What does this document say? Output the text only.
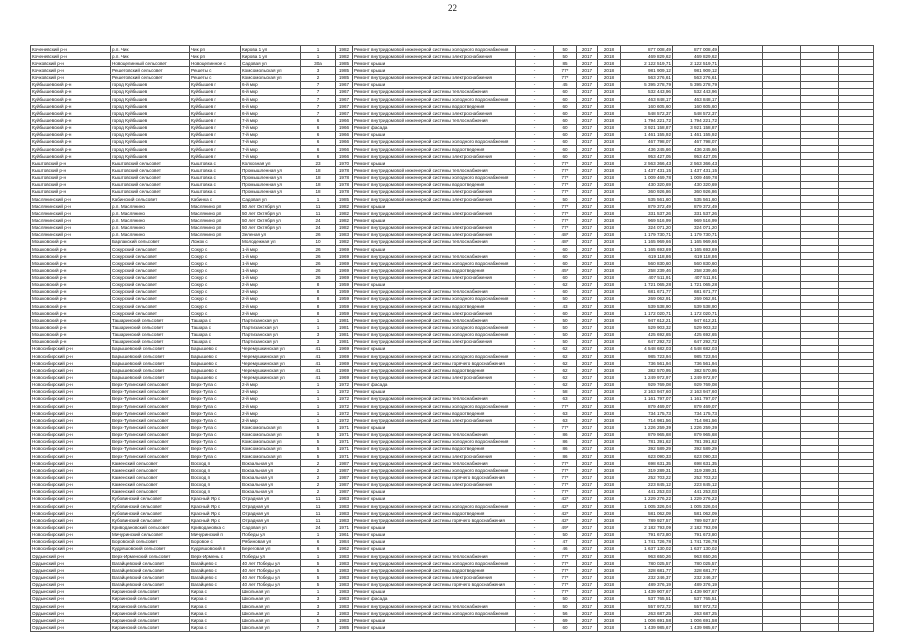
22
Коченевский р-н	р.п. Чик	Чик рп	Кирова 1 ул	1	1982	Ремонт внутридомовой инженерной системы холодного водоснабжения	-	50	2017	2018	877 008,49	877 008,49				
Коченевский р-н	р.п. Чик	Чик рп	Кирова 1 ул	1	1982	Ремонт внутридомовой инженерной системы электроснабжения	-	50	2017	2018	469 829,62	469 829,62				
Кочковский р-н	Новоцелинный сельсовет	Новоцелинное с	Садовая ул	30а	1985	Ремонт крыши	-	85	2017	2018	2 122 519,71	2 122 519,71				
Кочковский р-н	Решетовский сельсовет	Решеты с	Комсомольская ул	3	1985	Ремонт крыши	-	77*	2017	2018	981 909,12	981 909,12				
Кочковский р-н	Решетовский сельсовет	Решеты с	Комсомольская ул	2	1985	Ремонт внутридомовой инженерной системы электроснабжения	-	77*	2017	2018	563 276,61	563 276,61				
Куйбышевский р-н	город Куйбышев	Куйбышев г	6-й мкр	7	1967	Ремонт крыши	-	45	2017	2018	5 395 278,79	5 395 278,79				
Куйбышевский р-н	город Куйбышев	Куйбышев г	6-й мкр	7	1967	Ремонт внутридомовой инженерной системы теплоснабжения	-	60	2017	2018	532 443,96	532 443,96				
Куйбышевский р-н	город Куйбышев	Куйбышев г	6-й мкр	7	1967	Ремонт внутридомовой инженерной системы холодного водоснабжения	-	60	2017	2018	463 848,17	463 848,17				
Куйбышевский р-н	город Куйбышев	Куйбышев г	6-й мкр	7	1967	Ремонт внутридомовой инженерной системы водоотведения	-	60	2017	2018	160 605,60	160 605,60				
Куйбышевский р-н	город Куйбышев	Куйбышев г	6-й мкр	7	1967	Ремонт внутридомовой инженерной системы электроснабжения	-	60	2017	2018	548 572,37	548 572,37				
Куйбышевский р-н	город Куйбышев	Куйбышев г	7-й мкр	6	1966	Ремонт внутридомовой инженерной системы теплоснабжения	-	60	2017	2018	1 794 221,72	1 794 221,72				
Куйбышевский р-н	город Куйбышев	Куйбышев г	7-й мкр	6	1966	Ремонт фасада	-	60	2017	2018	3 921 158,87	3 921 158,87				
Куйбышевский р-н	город Куйбышев	Куйбышев г	7-й мкр	6	1966	Ремонт крыши	-	60	2017	2018	1 461 155,92	1 461 155,92				
Куйбышевский р-н	город Куйбышев	Куйбышев г	7-й мкр	6	1966	Ремонт внутридомовой инженерной системы холодного водоснабжения	-	60	2017	2018	467 798,07	467 798,07				
Куйбышевский р-н	город Куйбышев	Куйбышев г	7-й мкр	6	1966	Ремонт внутридомовой инженерной системы водоотведения	-	60	2017	2018	436 245,66	436 245,66				
Куйбышевский р-н	город Куйбышев	Куйбышев г	7-й мкр	6	1966	Ремонт внутридомовой инженерной системы электроснабжения	-	60	2017	2018	953 427,05	953 427,05				
Кыштовский р-н	Кыштовский сельсовет	Кыштовка с	Колхозная ул	23	1970	Ремонт крыши	-	77*	2017	2018	2 563 366,43	2 563 366,43				
Кыштовский р-н	Кыштовский сельсовет	Кыштовка с	Промышленная ул	18	1978	Ремонт внутридомовой инженерной системы теплоснабжения	-	77*	2017	2018	1 437 431,15	1 437 431,15				
Кыштовский р-н	Кыштовский сельсовет	Кыштовка с	Промышленная ул	18	1978	Ремонт внутридомовой инженерной системы холодного водоснабжения	-	77*	2017	2018	1 009 469,78	1 009 469,78				
Кыштовский р-н	Кыштовский сельсовет	Кыштовка с	Промышленная ул	18	1978	Ремонт внутридомовой инженерной системы водоотведения	-	77*	2017	2018	430 320,69	430 320,69				
Кыштовский р-н	Кыштовский сельсовет	Кыштовка с	Промышленная ул	18	1978	Ремонт внутридомовой инженерной системы электроснабжения	-	77*	2017	2018	360 926,86	360 926,86				
Маслянинский р-н	Кабинский сельсовет	Кабинка с	Садовая ул	1	1985	Ремонт внутридомовой инженерной системы электроснабжения	-	50	2017	2018	535 561,60	535 561,60				
Маслянинский р-н	р.п. Маслянино	Маслянино рп	50 лет Октября ул	11	1982	Ремонт крыши	-	77*	2017	2018	879 372,49	879 372,49				
Маслянинский р-н	р.п. Маслянино	Маслянино рп	50 лет Октября ул	11	1982	Ремонт внутридомовой инженерной системы электроснабжения	-	77*	2017	2018	331 537,26	331 537,26				
Маслянинский р-н	р.п. Маслянино	Маслянино рп	50 лет Октября ул	24	1982	Ремонт крыши	-	77*	2017	2018	969 516,99	969 516,99				
Маслянинский р-н	р.п. Маслянино	Маслянино рп	50 лет Октября ул	24	1982	Ремонт внутридомовой инженерной системы электроснабжения	-	77*	2017	2018	324 071,20	324 071,20				
Маслянинский р-н	р.п. Маслянино	Маслянино рп	Зеленая ул	26	1983	Ремонт внутридомовой инженерной системы электроснабжения	-	48*	2017	2018	1 179 730,71	1 179 730,71				
Мошковский р-н	Барлакский сельсовет	Ложок с	Молодежная ул	10	1982	Ремонт внутридомовой инженерной системы теплоснабжения	-	48*	2017	2018	1 165 969,66	1 165 969,66				
Мошковский р-н	Сокурский сельсовет	Сокур с	1-й мкр	26	1969	Ремонт крыши	-	60	2017	2018	1 165 693,69	1 165 693,69				
Мошковский р-н	Сокурский сельсовет	Сокур с	1-й мкр	26	1969	Ремонт внутридомовой инженерной системы теплоснабжения	-	60	2017	2018	619 118,86	619 118,86				
Мошковский р-н	Сокурский сельсовет	Сокур с	1-й мкр	26	1969	Ремонт внутридомовой инженерной системы холодного водоснабжения	-	60	2017	2018	560 830,60	560 830,60				
Мошковский р-н	Сокурский сельсовет	Сокур с	1-й мкр	26	1969	Ремонт внутридомовой инженерной системы водоотведения	-	45*	2017	2018	258 239,46	258 239,46				
Мошковский р-н	Сокурский сельсовет	Сокур с	1-й мкр	26	1969	Ремонт внутридомовой инженерной системы электроснабжения	-	60	2017	2018	407 511,91	407 511,91				
Мошковский р-н	Сокурский сельсовет	Сокур с	2-й мкр	8	1959	Ремонт крыши	-	62	2017	2018	1 721 065,28	1 721 065,28				
Мошковский р-н	Сокурский сельсовет	Сокур с	2-й мкр	8	1959	Ремонт внутридомовой инженерной системы теплоснабжения	-	60	2017	2018	681 671,77	681 671,77				
Мошковский р-н	Сокурский сельсовет	Сокур с	2-й мкр	8	1959	Ремонт внутридомовой инженерной системы холодного водоснабжения	-	50	2017	2018	269 062,91	269 062,91				
Мошковский р-н	Сокурский сельсовет	Сокур с	2-й мкр	8	1959	Ремонт внутридомовой инженерной системы водоотведения	-	43	2017	2018	539 538,90	539 538,90				
Мошковский р-н	Сокурский сельсовет	Сокур с	2-й мкр	8	1959	Ремонт внутридомовой инженерной системы электроснабжения	-	60	2017	2018	1 172 020,71	1 172 020,71				
Мошковский р-н	Ташаринский сельсовет	Ташара с	Партизанская ул	1	1981	Ремонт внутридомовой инженерной системы теплоснабжения	-	50	2017	2018	947 612,21	947 612,21				
Мошковский р-н	Ташаринский сельсовет	Ташара с	Партизанская ул	1	1981	Ремонт внутридомовой инженерной системы холодного водоснабжения	-	50	2017	2018	529 903,32	529 903,32				
Мошковский р-н	Ташаринский сельсовет	Ташара с	Партизанская ул	3	1981	Ремонт внутридомовой инженерной системы холодного водоснабжения	-	50	2017	2018	425 692,65	425 692,65				
Мошковский р-н	Ташаринский сельсовет	Ташара с	Партизанская ул	3	1981	Ремонт внутридомовой инженерной системы электроснабжения	-	50	2017	2018	647 292,72	647 292,72				
Новосибирский р-н	Барышевский сельсовет	Барышево с	Черемушкинская ул	41	1969	Ремонт крыши	-	62	2017	2018	4 548 682,03	4 548 682,03				
Новосибирский р-н	Барышевский сельсовет	Барышево с	Черемушкинская ул	41	1969	Ремонт внутридомовой инженерной системы холодного водоснабжения	-	62	2017	2018	985 723,94	985 723,94				
Новосибирский р-н	Барышевский сельсовет	Барышево с	Черемушкинская ул	41	1969	Ремонт внутридомовой инженерной системы горячего водоснабжения	-	62	2017	2018	736 561,94	736 561,94				
Новосибирский р-н	Барышевский сельсовет	Барышево с	Черемушкинская ул	41	1969	Ремонт внутридомовой инженерной системы водоотведения	-	62	2017	2018	382 570,95	382 570,95				
Новосибирский р-н	Барышевский сельсовет	Барышево с	Черемушкинская ул	41	1969	Ремонт внутридомовой инженерной системы электроснабжения	-	62	2017	2018	1 249 972,97	1 249 972,97				
Новосибирский р-н	Верх-Тулинский сельсовет	Верх-Тула с	2-й мкр	1	1972	Ремонт фасада	-	62	2017	2018	929 769,08	929 769,08				
Новосибирский р-н	Верх-Тулинский сельсовет	Верх-Тула с	2-й мкр	1	1972	Ремонт крыши	-	58	2017	2018	2 163 947,60	2 163 947,60				
Новосибирский р-н	Верх-Тулинский сельсовет	Верх-Тула с	2-й мкр	1	1972	Ремонт внутридомовой инженерной системы теплоснабжения	-	63	2017	2018	1 161 797,07	1 161 797,07				
Новосибирский р-н	Верх-Тулинский сельсовет	Верх-Тула с	2-й мкр	1	1972	Ремонт внутридомовой инженерной системы холодного водоснабжения	-	77*	2017	2018	879 469,07	879 469,07				
Новосибирский р-н	Верх-Тулинский сельсовет	Верх-Тула с	2-й мкр	1	1972	Ремонт внутридомовой инженерной системы водоотведения	-	63	2017	2018	734 175,73	734 175,73				
Новосибирский р-н	Верх-Тулинский сельсовет	Верх-Тула с	2-й мкр	1	1972	Ремонт внутридомовой инженерной системы электроснабжения	-	63	2017	2018	714 981,56	714 981,56				
Новосибирский р-н	Верх-Тулинский сельсовет	Верх-Тула с	Комсомольская ул	5	1971	Ремонт крыши	-	77*	2017	2018	1 226 259,39	1 226 259,39				
Новосибирский р-н	Верх-Тулинский сельсовет	Верх-Тула с	Комсомольская ул	5	1971	Ремонт внутридомовой инженерной системы теплоснабжения	-	86	2017	2018	879 965,68	879 965,68				
Новосибирский р-н	Верх-Тулинский сельсовет	Верх-Тула с	Комсомольская ул	5	1971	Ремонт внутридомовой инженерной системы холодного водоснабжения	-	86	2017	2018	781 391,62	781 391,62				
Новосибирский р-н	Верх-Тулинский сельсовет	Верх-Тула с	Комсомольская ул	5	1971	Ремонт внутридомовой инженерной системы водоотведения	-	86	2017	2018	392 589,29	392 589,29				
Новосибирский р-н	Верх-Тулинский сельсовет	Верх-Тула с	Комсомольская ул	5	1971	Ремонт внутридомовой инженерной системы электроснабжения	-	86	2017	2018	623 090,33	623 090,33				
Новосибирский р-н	Каменский сельсовет	Восход п	Вокзальная ул	2	1987	Ремонт внутридомовой инженерной системы теплоснабжения	-	77*	2017	2018	698 631,35	698 631,35				
Новосибирский р-н	Каменский сельсовет	Восход п	Вокзальная ул	2	1987	Ремонт внутридомовой инженерной системы холодного водоснабжения	-	77*	2017	2018	319 289,31	319 289,31				
Новосибирский р-н	Каменский сельсовет	Восход п	Вокзальная ул	2	1987	Ремонт внутридомовой инженерной системы горячего водоснабжения	-	77*	2017	2018	252 703,22	252 703,22				
Новосибирский р-н	Каменский сельсовет	Восход п	Вокзальная ул	2	1987	Ремонт внутридомовой инженерной системы электроснабжения	-	77*	2017	2018	223 845,12	223 845,12				
Новосибирский р-н	Каменский сельсовет	Восход п	Вокзальная ул	2	1987	Ремонт крыши	-	77*	2017	2018	441 253,03	441 253,03				
Новосибирский р-н	Кубовинский сельсовет	Красный Яр с	Отрадная ул	11	1983	Ремонт крыши	-	42*	2017	2018	1 229 276,22	1 229 276,22				
Новосибирский р-н	Кубовинский сельсовет	Красный Яр с	Отрадная ул	11	1983	Ремонт внутридомовой инженерной системы холодного водоснабжения	-	42*	2017	2018	1 005 326,04	1 005 326,04				
Новосибирский р-н	Кубовинский сельсовет	Красный Яр с	Отрадная ул	11	1983	Ремонт внутридомовой инженерной системы водоотведения	-	42*	2017	2018	581 062,09	581 062,09				
Новосибирский р-н	Кубовинский сельсовет	Красный Яр с	Отрадная ул	11	1983	Ремонт внутридомовой инженерной системы горячего водоснабжения	-	42*	2017	2018	789 927,57	789 927,57				
Новосибирский р-н	Криводановский сельсовет	Криводановка с	Садовая ул	24	1971	Ремонт крыши	-	49*	2017	2018	2 182 793,09	2 182 793,09				
Новосибирский р-н	Мичуринский сельсовет	Мичуринский п	Победы ул	1	1961	Ремонт крыши	-	50	2017	2018	791 673,80	791 673,80				
Новосибирский р-н	Боровской сельсовет	Боровое с	Рябиновая ул	6	1984	Ремонт крыши	-	47	2017	2018	1 741 726,78	1 741 726,78				
Новосибирский р-н	Кудряшовский сельсовет	Кудряшовский п	Береговая ул	6	1962	Ремонт крыши	-	46	2017	2018	1 637 130,02	1 637 130,02				
Ордынский р-н	Верх-Ирменский сельсовет	Верх-Ирмень с	Победы ул	1	1983	Ремонт внутридомовой инженерной системы теплоснабжения	-	77*	2017	2018	963 650,26	963 650,26				
Ордынский р-н	Вагайцевский сельсовет	Вагайцево с	40 лет Победы ул	5	1983	Ремонт внутридомовой инженерной системы холодного водоснабжения	-	77*	2017	2018	780 025,57	780 025,57				
Ордынский р-н	Вагайцевский сельсовет	Вагайцево с	40 лет Победы ул	5	1983	Ремонт внутридомовой инженерной системы водоотведения	-	77*	2017	2018	328 681,77	328 681,77				
Ордынский р-н	Вагайцевский сельсовет	Вагайцево с	40 лет Победы ул	5	1983	Ремонт внутридомовой инженерной системы электроснабжения	-	77*	2017	2018	232 246,37	232 246,37				
Ордынский р-н	Вагайцевский сельсовет	Вагайцево с	40 лет Победы ул	5	1983	Ремонт внутридомовой инженерной системы горячего водоснабжения	-	77*	2017	2018	489 376,19	489 376,19				
Ордынский р-н	Кирзинский сельсовет	Кирза с	Школьная ул	1	1983	Ремонт крыши	-	77*	2017	2018	1 439 907,67	1 439 907,67				
Ордынский р-н	Кирзинский сельсовет	Кирза с	Школьная ул	3	1983	Ремонт фасада	-	50	2017	2018	537 765,51	537 765,51				
Ордынский р-н	Кирзинский сельсовет	Кирза с	Школьная ул	3	1983	Ремонт внутридомовой инженерной системы теплоснабжения	-	50	2017	2018	557 972,72	557 972,72				
Ордынский р-н	Кирзинский сельсовет	Кирза с	Школьная ул	3	1983	Ремонт внутридомовой инженерной системы холодного водоснабжения	-	56	2017	2018	263 687,25	263 687,25				
Ордынский р-н	Кирзинский сельсовет	Кирза с	Школьная ул	5	1983	Ремонт крыши	-	69	2017	2018	1 006 691,58	1 006 691,58				
Ордынский р-н	Кирзинский сельсовет	Кирза с	Школьная ул	7	1985	Ремонт крыши	-	60	2017	2018	1 439 985,67	1 439 985,67				
